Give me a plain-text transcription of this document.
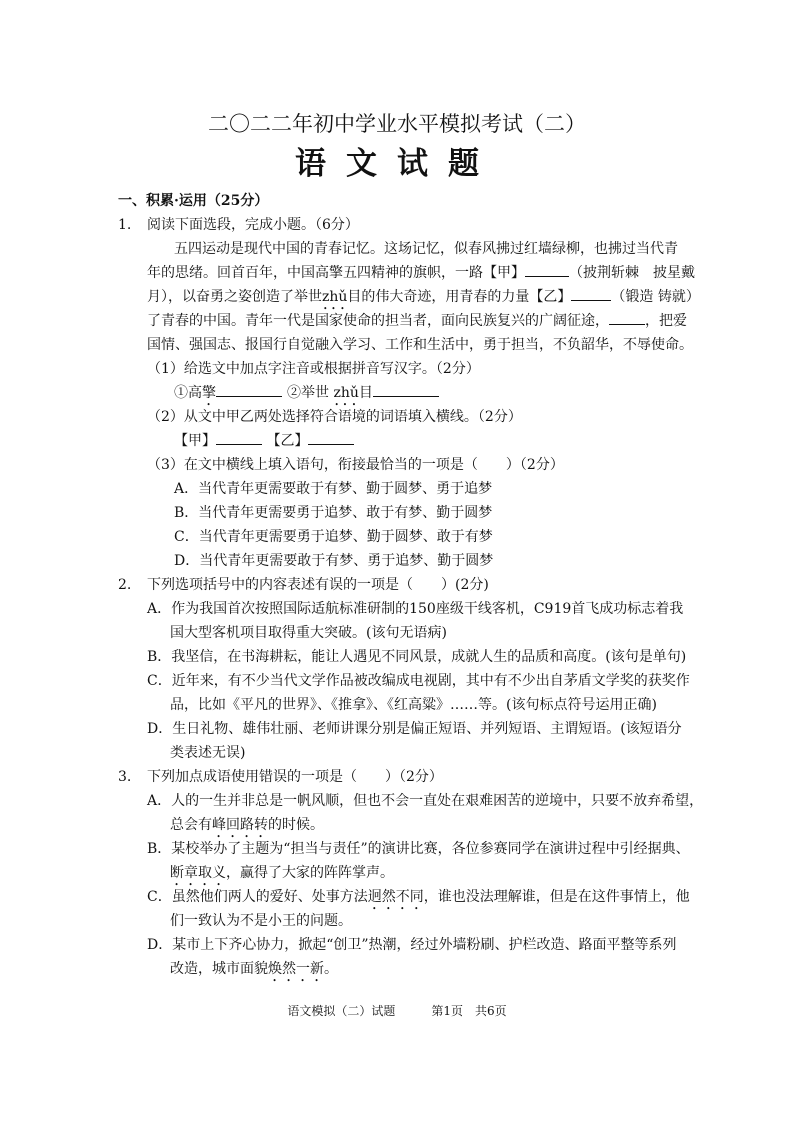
二〇二二年初中学业水平模拟考试（二）
语文试题
一、积累·运用（25分）
1. 阅读下面选段，完成小题。（6分）
五四运动是现代中国的青春记忆。这场记忆，似春风拂过红墙绿柳，也拂过当代青
年的思绪。回首百年，中国高擎五四精神的旗帜，一路【甲】	（披荆斩棘　披星戴
月），以奋勇之姿创造了举世zhǔ目的伟大奇迹，用青春的力量【乙】	（锻造 铸就）
了青春的中国。青年一代是国家使命的担当者，面向民族复兴的广阔征途，	，把爱
国情、强国志、报国行自觉融入学习、工作和生活中，勇于担当，不负韶华，不辱使命。
（1）给选文中加点字注音或根据拼音写汉字。（2分）
①高擎	②举世 zhǔ目
（2）从文中甲乙两处选择符合语境的词语填入横线。（2分）
【甲】	【乙】
（3）在文中横线上填入语句，衔接最恰当的一项是（　　）（2分）
A．当代青年更需要敢于有梦、勤于圆梦、勇于追梦
B．当代青年更需要勇于追梦、敢于有梦、勤于圆梦
C．当代青年更需要勇于追梦、勤于圆梦、敢于有梦
D．当代青年更需要敢于有梦、勇于追梦、勤于圆梦
2. 下列选项括号中的内容表述有误的一项是（　　）(2分)
A．作为我国首次按照国际适航标准研制的150座级干线客机，C919首飞成功标志着我
国大型客机项目取得重大突破。(该句无语病)
B．我坚信，在书海耕耘，能让人遇见不同风景，成就人生的品质和高度。(该句是单句)
C．近年来，有不少当代文学作品被改编成电视剧，其中有不少出自茅盾文学奖的获奖作
品，比如《平凡的世界》、《推拿》、《红高粱》……等。(该句标点符号运用正确)
D．生日礼物、雄伟壮丽、老师讲课分别是偏正短语、并列短语、主谓短语。(该短语分
类表述无误)
3. 下列加点成语使用错误的一项是（　　）（2分）
A．人的一生并非总是一帆风顺，但也不会一直处在艰难困苦的逆境中，只要不放弃希望，
总会有峰回路转的时候。
B．某校举办了主题为“担当与责任”的演讲比赛，各位参赛同学在演讲过程中引经据典、
断章取义，赢得了大家的阵阵掌声。
C．虽然他们两人的爱好、处事方法迥然不同，谁也没法理解谁，但是在这件事情上，他
们一致认为不是小王的问题。
D．某市上下齐心协力，掀起“创卫”热潮，经过外墙粉刷、护栏改造、路面平整等系列
改造，城市面貌焕然一新。
语文模拟（二）试题　　　	第1页　共6页
